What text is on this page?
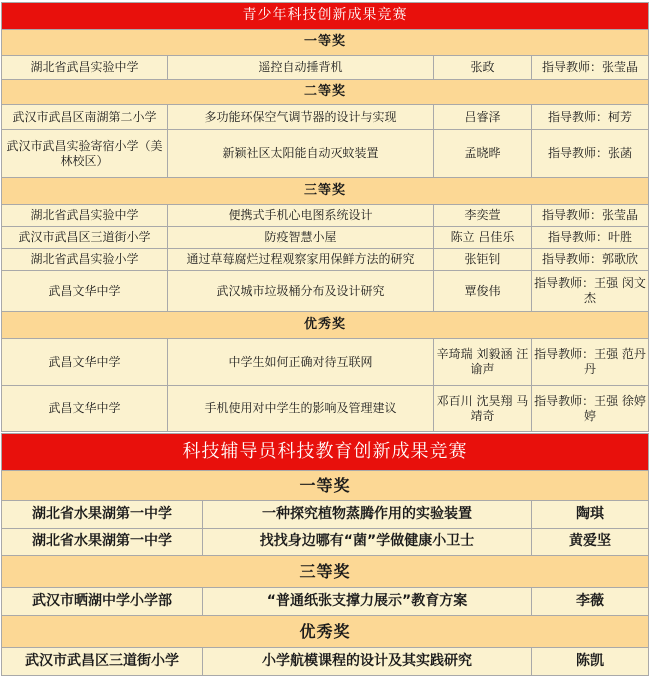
青少年科技创新成果竞赛			
一等奖			
湖北省武昌实验中学	遥控自动捶背机	张政	指导教师：张莹晶
二等奖			
武汉市武昌区南湖第二小学	多功能环保空气调节器的设计与实现	吕睿泽	指导教师：柯芳
武汉市武昌实验寄宿小学（美林校区）	新颖社区太阳能自动灭蚊装置	孟晓晔	指导教师：张菡
三等奖			
湖北省武昌实验中学	便携式手机心电图系统设计	李奕萱	指导教师：张莹晶
武汉市武昌区三道街小学	防疫智慧小屋	陈立 吕佳乐	指导教师：叶胜
湖北省武昌实验小学	通过草莓腐烂过程观察家用保鲜方法的研究	张钜钊	指导教师：郭歌欣
武昌文华中学	武汉城市垃圾桶分布及设计研究	覃俊伟	指导教师：王强 闵文杰
优秀奖			
武昌文华中学	中学生如何正确对待互联网	辛琦瑞 刘毅涵 汪谕声	指导教师：王强 范丹丹
武昌文华中学	手机使用对中学生的影响及管理建议	邓百川 沈昊翔 马靖奇	指导教师：王强 徐婷婷
科技辅导员科技教育创新成果竞赛		
一等奖		
湖北省水果湖第一中学	一种探究植物蒸腾作用的实验装置	陶琪
湖北省水果湖第一中学	找找身边哪有“菌”学做健康小卫士	黄爱坚
三等奖		
武汉市晒湖中学小学部	“普通纸张支撑力展示”教育方案	李薇
优秀奖		
武汉市武昌区三道街小学	小学航模课程的设计及其实践研究	陈凯
